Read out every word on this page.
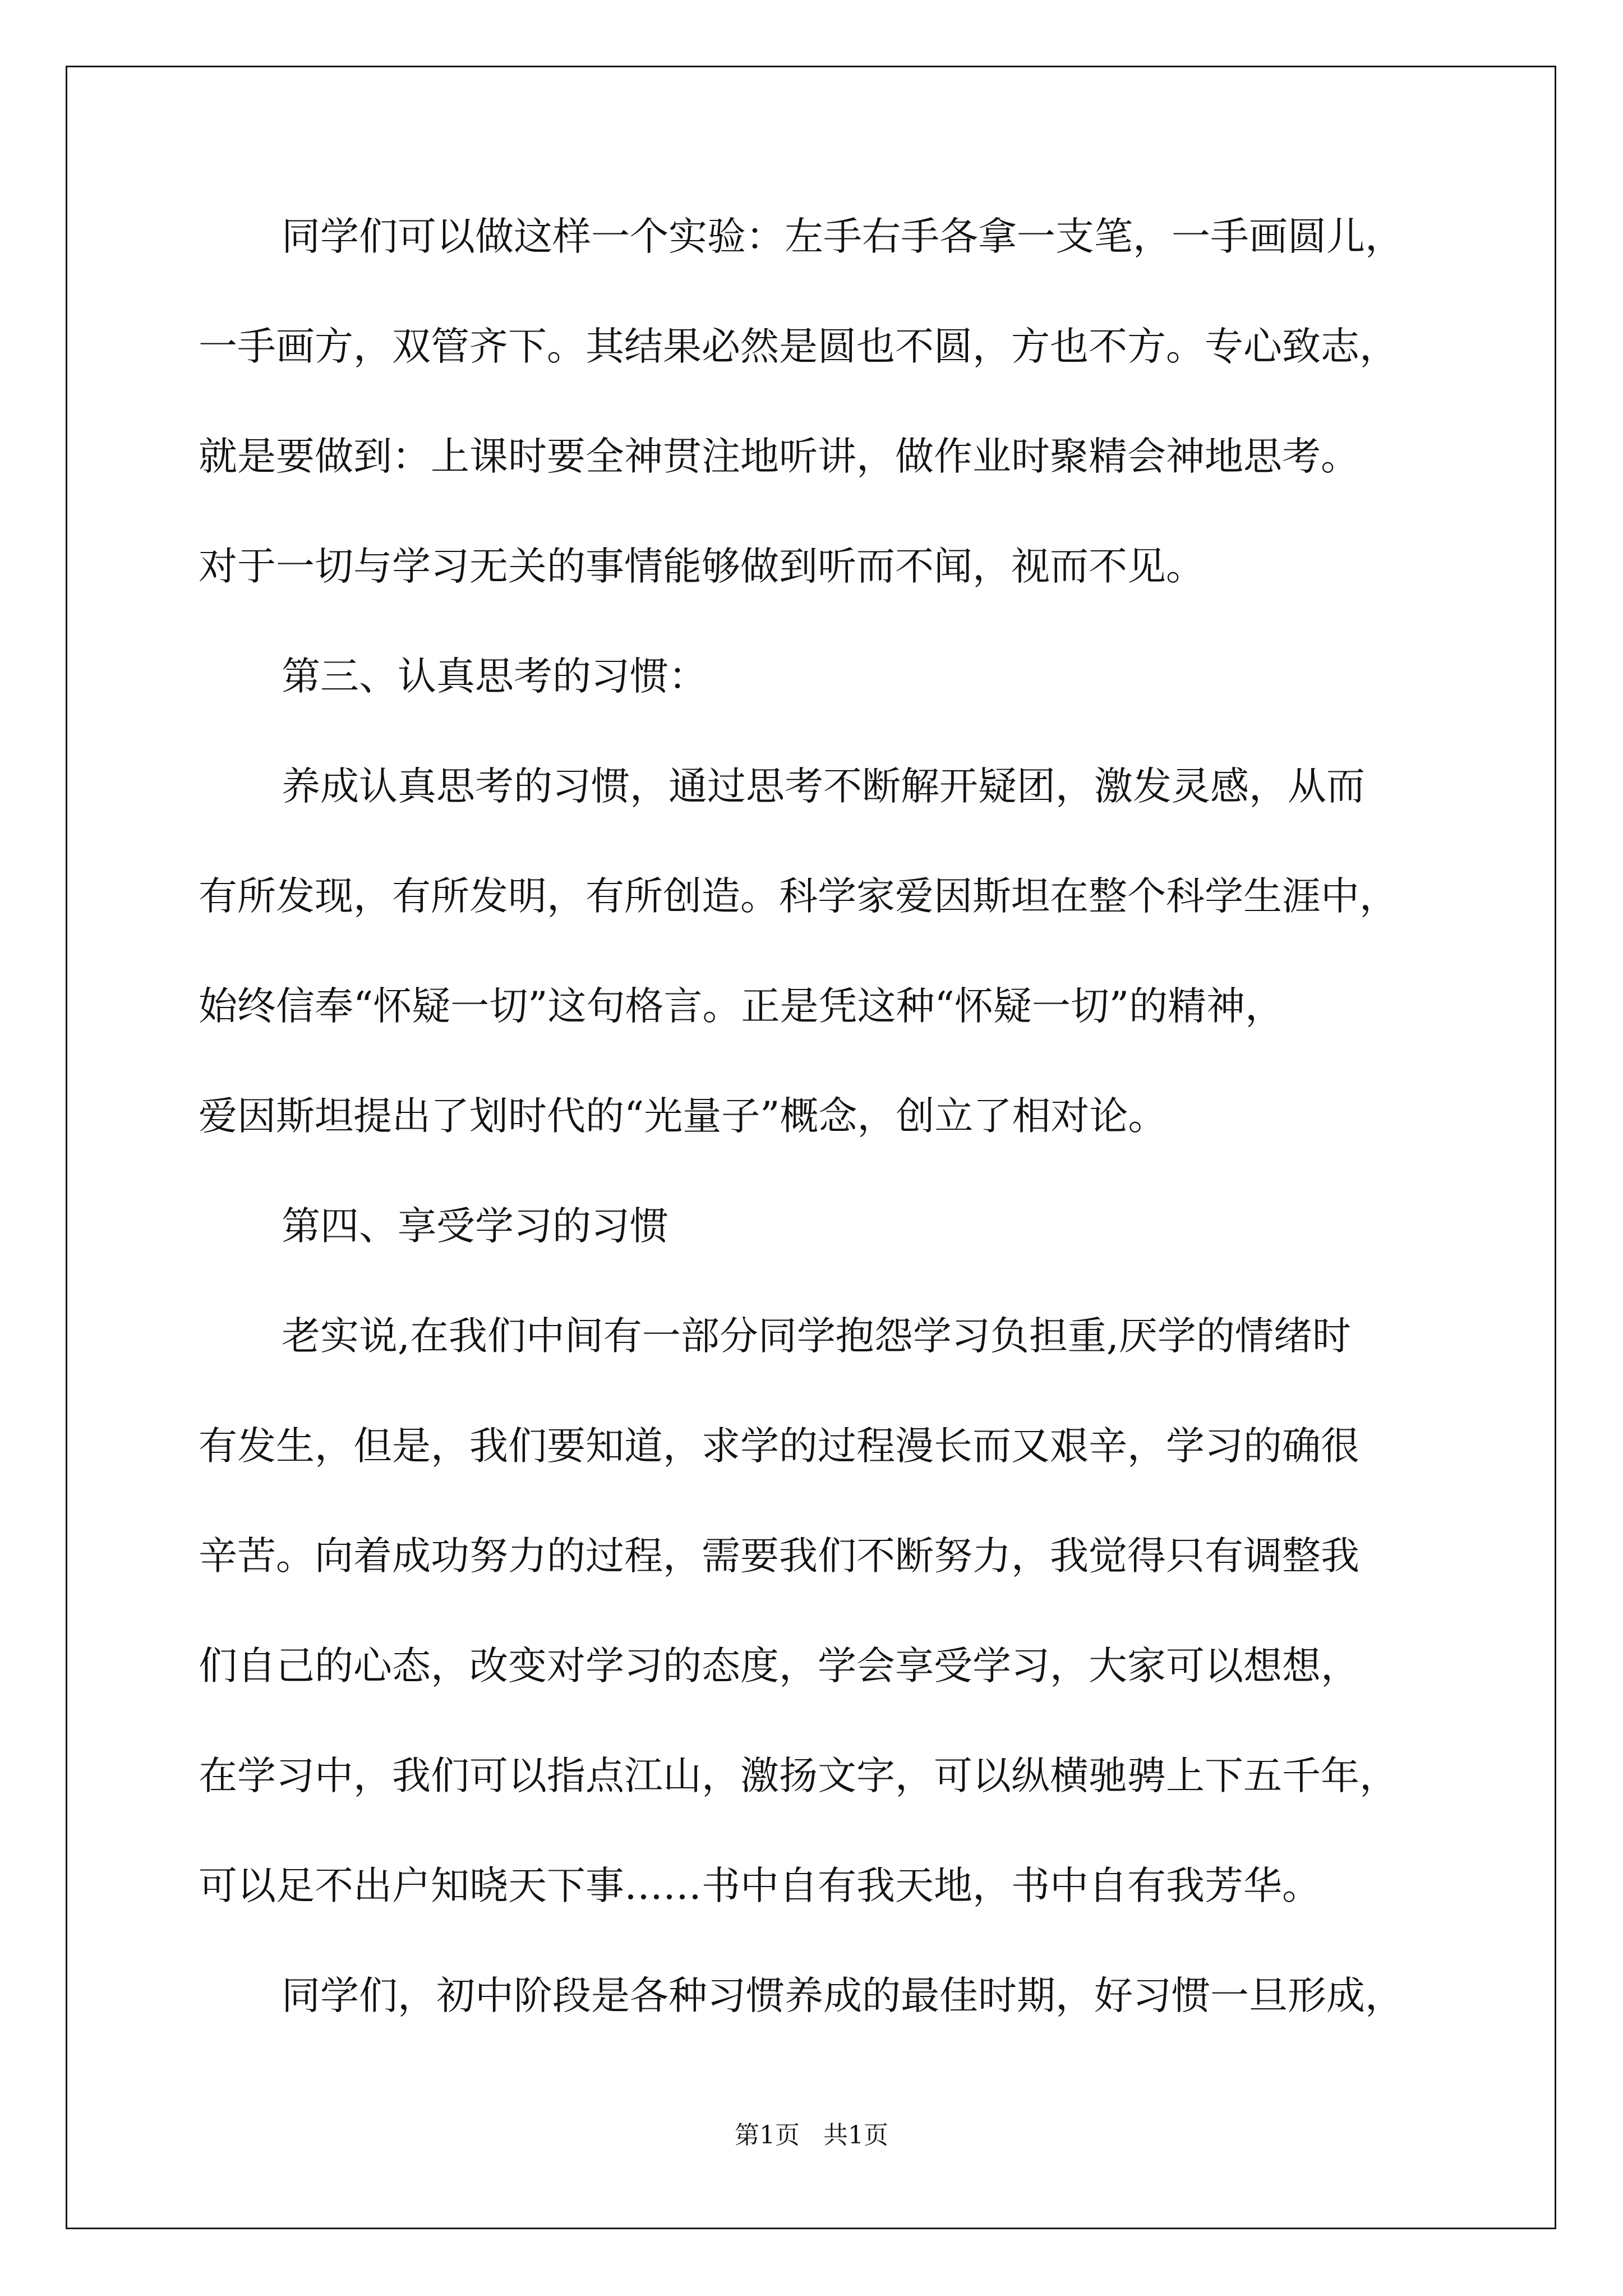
同学们可以做这样一个实验：左手右手各拿一支笔，一手画圆儿，
一手画方，双管齐下。其结果必然是圆也不圆，方也不方。专心致志，
就是要做到：上课时要全神贯注地听讲，做作业时聚精会神地思考。
对于一切与学习无关的事情能够做到听而不闻，视而不见。
第三、认真思考的习惯：
养成认真思考的习惯，通过思考不断解开疑团，激发灵感，从而
有所发现，有所发明，有所创造。科学家爱因斯坦在整个科学生涯中，
始终信奉“怀疑一切”这句格言。正是凭这种“怀疑一切”的精神，
爱因斯坦提出了划时代的“光量子”概念，创立了相对论。
第四、享受学习的习惯
老实说,在我们中间有一部分同学抱怨学习负担重,厌学的情绪时
有发生，但是，我们要知道，求学的过程漫长而又艰辛，学习的确很
辛苦。向着成功努力的过程，需要我们不断努力，我觉得只有调整我
们自己的心态，改变对学习的态度，学会享受学习，大家可以想想，
在学习中，我们可以指点江山，激扬文字，可以纵横驰骋上下五千年，
可以足不出户知晓天下事……书中自有我天地，书中自有我芳华。
同学们，初中阶段是各种习惯养成的最佳时期，好习惯一旦形成，
第1页   共1页
